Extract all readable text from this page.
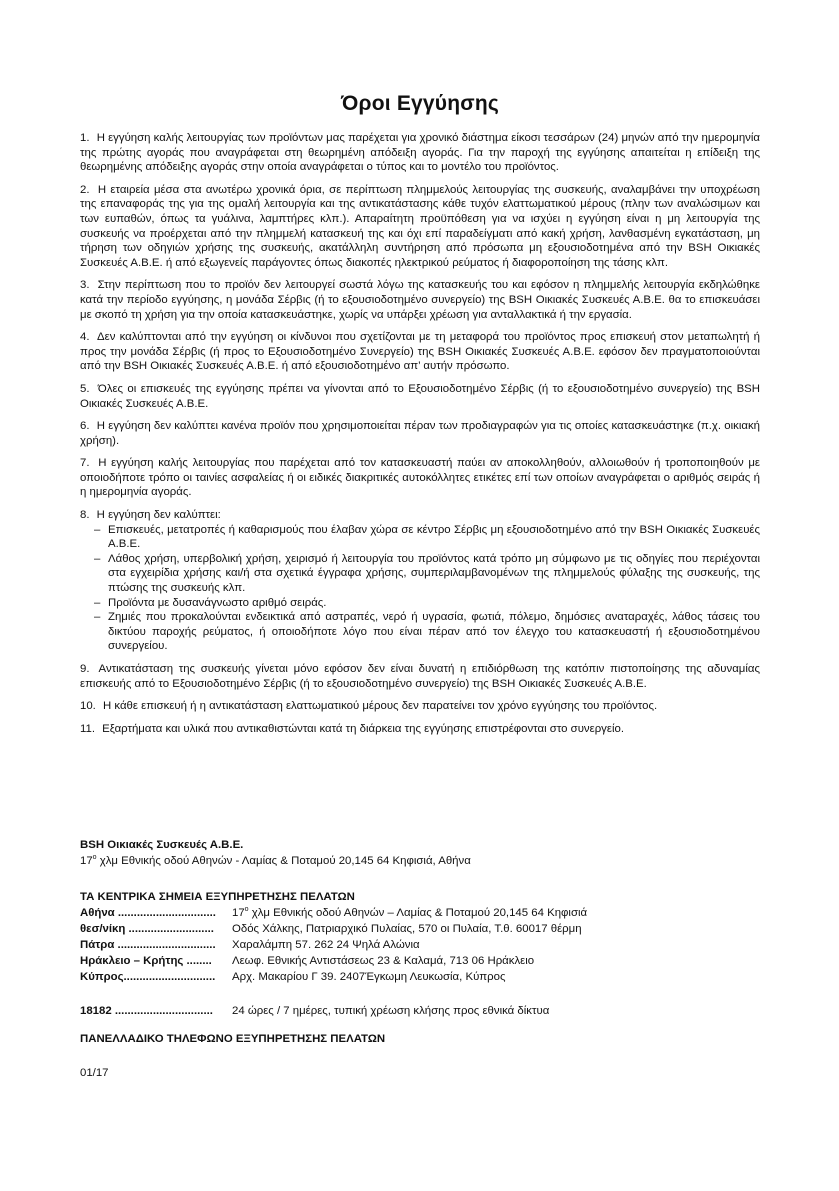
Όροι Εγγύησης

1. Η εγγύηση καλής λειτουργίας των προϊόντων μας παρέχεται για χρονικό διάστημα είκοσι τεσσάρων (24) μηνών από την ημερομηνία της πρώτης αγοράς που αναγράφεται στη θεωρημένη απόδειξη αγοράς. Για την παροχή της εγγύησης απαιτείται η επίδειξη της θεωρημένης απόδειξης αγοράς στην οποία αναγράφεται ο τύπος και το μοντέλο του προϊόντος.

2. Η εταιρεία μέσα στα ανωτέρω χρονικά όρια, σε περίπτωση πλημμελούς λειτουργίας της συσκευής, αναλαμβάνει την υποχρέωση της επαναφοράς της για της ομαλή λειτουργία και της αντικατάστασης κάθε τυχόν ελαττωματικού μέρους (πλην των αναλώσιμων και των ευπαθών, όπως τα γυάλινα, λαμπτήρες κλπ.). Απαραίτητη προϋπόθεση για να ισχύει η εγγύηση είναι η μη λειτουργία της συσκευής να προέρχεται από την πλημμελή κατασκευή της και όχι επί παραδείγματι από κακή χρήση, λανθασμένη εγκατάσταση, μη τήρηση των οδηγιών χρήσης της συσκευής, ακατάλληλη συντήρηση από πρόσωπα μη εξουσιοδοτημένα από την BSH Οικιακές Συσκευές Α.Β.Ε. ή από εξωγενείς παράγοντες όπως διακοπές ηλεκτρικού ρεύματος ή διαφοροποίηση της τάσης κλπ.

3. Στην περίπτωση που το προϊόν δεν λειτουργεί σωστά λόγω της κατασκευής του και εφόσον η πλημμελής λειτουργία εκδηλώθηκε κατά την περίοδο εγγύησης, η μονάδα Σέρβις (ή το εξουσιοδοτημένο συνεργείο) της BSH Οικιακές Συσκευές Α.Β.Ε. θα το επισκευάσει με σκοπό τη χρήση για την οποία κατασκευάστηκε, χωρίς να υπάρξει χρέωση για ανταλλακτικά ή την εργασία.

4. Δεν καλύπτονται από την εγγύηση οι κίνδυνοι που σχετίζονται με τη μεταφορά του προϊόντος προς επισκευή στον μεταπωλητή ή προς την μονάδα Σέρβις (ή προς το Εξουσιοδοτημένο Συνεργείο) της BSH Οικιακές Συσκευές Α.Β.Ε. εφόσον δεν πραγματοποιούνται από την BSH Οικιακές Συσκευές Α.Β.Ε. ή από εξουσιοδοτημένο απ’ αυτήν πρόσωπο.

5. Όλες οι επισκευές της εγγύησης πρέπει να γίνονται από το Εξουσιοδοτημένο Σέρβις (ή το εξουσιοδοτημένο συνεργείο) της BSH Οικιακές Συσκευές Α.Β.Ε.

6. Η εγγύηση δεν καλύπτει κανένα προϊόν που χρησιμοποιείται πέραν των προδιαγραφών για τις οποίες κατασκευάστηκε (π.χ. οικιακή χρήση).

7. Η εγγύηση καλής λειτουργίας που παρέχεται από τον κατασκευαστή παύει αν αποκολληθούν, αλλοιωθούν ή τροποποιηθούν με οποιοδήποτε τρόπο οι ταινίες ασφαλείας ή οι ειδικές διακριτικές αυτοκόλλητες ετικέτες επί των οποίων αναγράφεται ο αριθμός σειράς ή η ημερομηνία αγοράς.

8. Η εγγύηση δεν καλύπτει:
– Επισκευές, μετατροπές ή καθαρισμούς που έλαβαν χώρα σε κέντρο Σέρβις μη εξουσιοδοτημένο από την BSH Οικιακές Συσκευές Α.Β.Ε.
– Λάθος χρήση, υπερβολική χρήση, χειρισμό ή λειτουργία του προϊόντος κατά τρόπο μη σύμφωνο με τις οδηγίες που περιέχονται στα εγχειρίδια χρήσης και/ή στα σχετικά έγγραφα χρήσης, συμπεριλαμβανομένων της πλημμελούς φύλαξης της συσκευής, της πτώσης της συσκευής κλπ.
– Προϊόντα με δυσανάγνωστο αριθμό σειράς.
– Ζημιές που προκαλούνται ενδεικτικά από αστραπές, νερό ή υγρασία, φωτιά, πόλεμο, δημόσιες αναταραχές, λάθος τάσεις του δικτύου παροχής ρεύματος, ή οποιοδήποτε λόγο που είναι πέραν από τον έλεγχο του κατασκευαστή ή εξουσιοδοτημένου συνεργείου.

9. Αντικατάσταση της συσκευής γίνεται μόνο εφόσον δεν είναι δυνατή η επιδιόρθωση της κατόπιν πιστοποίησης της αδυναμίας επισκευής από το Εξουσιοδοτημένο Σέρβις (ή το εξουσιοδοτημένο συνεργείο) της BSH Οικιακές Συσκευές Α.Β.Ε.

10. Η κάθε επισκευή ή η αντικατάσταση ελαττωματικού μέρους δεν παρατείνει τον χρόνο εγγύησης του προϊόντος.

11. Εξαρτήματα και υλικά που αντικαθιστώνται κατά τη διάρκεια της εγγύησης επιστρέφονται στο συνεργείο.

BSH Οικιακές Συσκευές Α.Β.Ε.
$17^o$ χλμ Εθνικής οδού Αθηνών - Λαμίας & Ποταμού 20,145 64 Κηφισιά, Αθήνα
ΤΑ ΚΕΝΤΡΙΚΑ ΣΗΜΕΙΑ ΕΞΥΠΗΡΕΤΗΣΗΣ ΠΕΛΑΤΩΝ
Αθήνα ...............................	$17^o$ χλμ Εθνικής οδού Αθηνών – Λαμίας & Ποταμού 20,145 64 Κηφισιά
θεσ/νίκη ...........................	Οδός Χάλκης, Πατριαρχικό Πυλαίας, 570 οι Πυλαία, Τ.θ. 60017 θέρμη
Πάτρα ...............................	Χαραλάμπη 57. 262 24 Ψηλά Αλώνια
Ηράκλειο – Κρήτης ........	Λεωφ. Εθνικής Αντιστάσεως 23 & Καλαμά, 713 06 Ηράκλειο
Κύπρος.............................	Αρχ. Μακαρίου Γ 39. 2407Έγκωμη Λευκωσία, Κύπρος
18182 ...............................	24 ώρες / 7 ημέρες, τυπική χρέωση κλήσης προς εθνικά δίκτυα
ΠΑΝΕΛΛΑΔΙΚΟ ΤΗΛΕΦΩΝΟ ΕΞΥΠΗΡΕΤΗΣΗΣ ΠΕΛΑΤΩΝ
01/17
